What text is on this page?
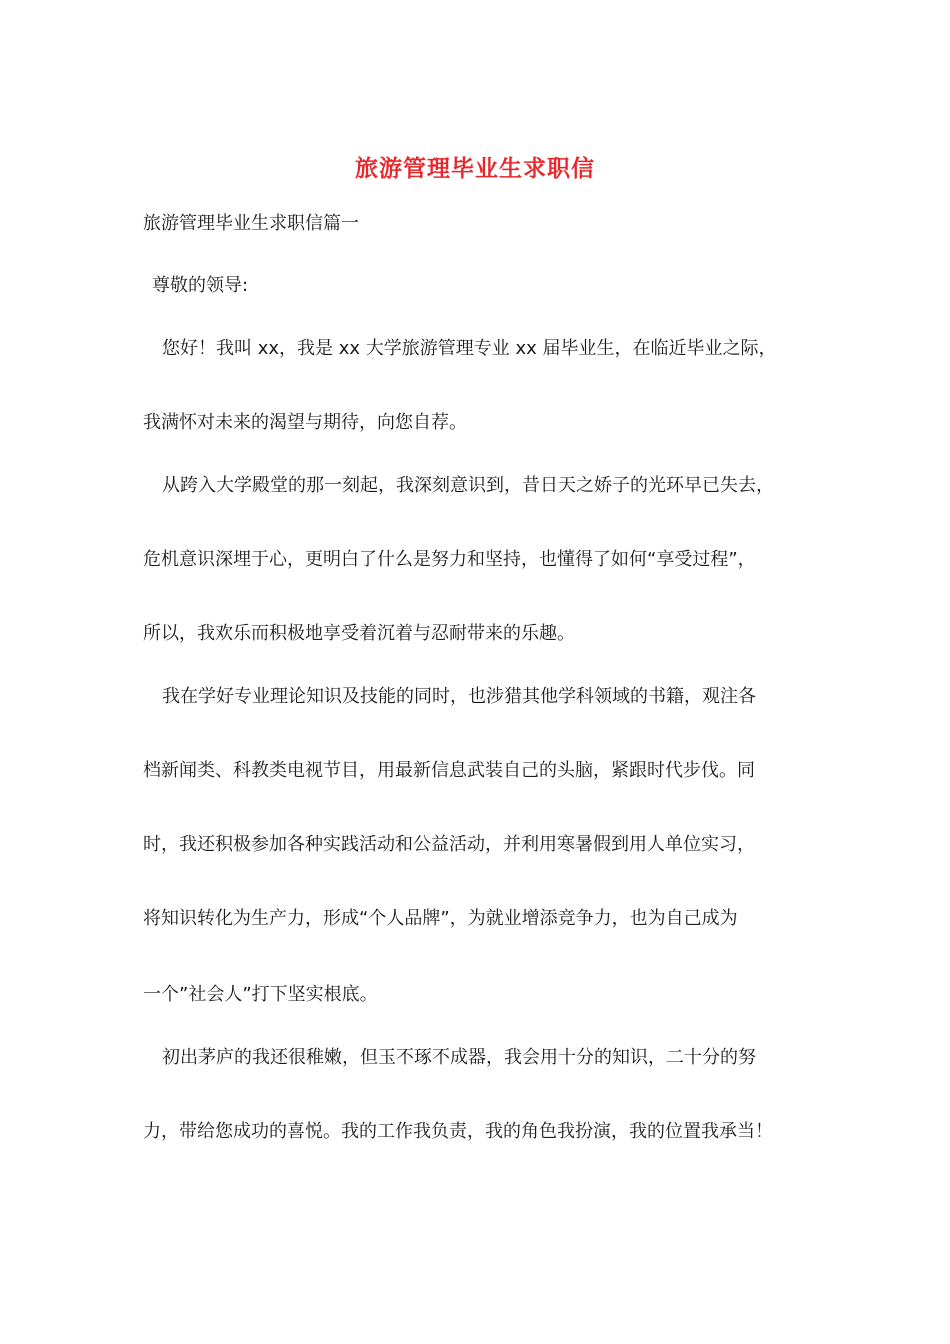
旅游管理毕业生求职信
旅游管理毕业生求职信篇一
尊敬的领导:
您好！我叫 xx，我是 xx 大学旅游管理专业 xx 届毕业生，在临近毕业之际，
我满怀对未来的渴望与期待，向您自荐。
从跨入大学殿堂的那一刻起，我深刻意识到，昔日天之娇子的光环早已失去，
危机意识深埋于心，更明白了什么是努力和坚持，也懂得了如何“享受过程”，
所以，我欢乐而积极地享受着沉着与忍耐带来的乐趣。
我在学好专业理论知识及技能的同时，也涉猎其他学科领域的书籍，观注各
档新闻类、科教类电视节目，用最新信息武装自己的头脑，紧跟时代步伐。同
时，我还积极参加各种实践活动和公益活动，并利用寒暑假到用人单位实习，
将知识转化为生产力，形成“个人品牌”，为就业增添竞争力，也为自己成为
一个”社会人”打下坚实根底。
初出茅庐的我还很稚嫩，但玉不琢不成器，我会用十分的知识，二十分的努
力，带给您成功的喜悦。我的工作我负责，我的角色我扮演，我的位置我承当！
